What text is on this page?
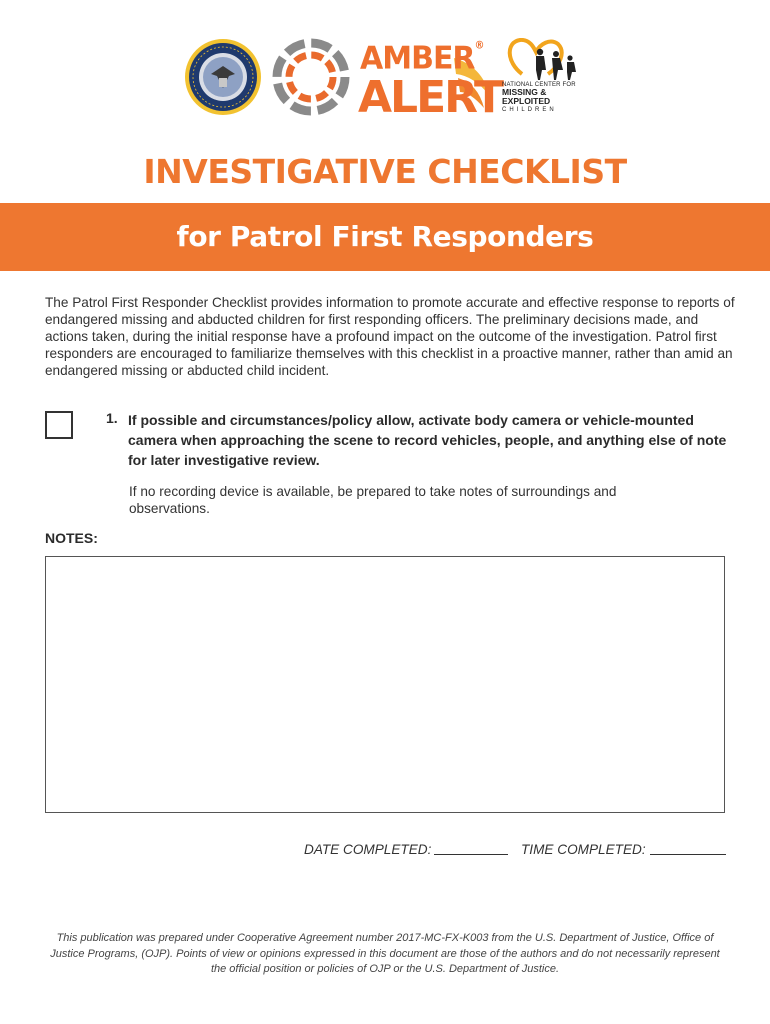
AMBER®
ALERT NATIONAL CENTER FOR
MISSING &
EXPLOITED
CHILDREN
INVESTIGATIVE CHECKLIST
for Patrol First Responders

The Patrol First Responder Checklist provides information to promote accurate and effective response to reports of endangered missing and abducted children for first responding officers. The preliminary decisions made, and actions taken, during the initial response have a profound impact on the outcome of the investigation. Patrol first responders are encouraged to familiarize themselves with this checklist in a proactive manner, rather than amid an endangered missing or abducted child incident.

1. If possible and circumstances/policy allow, activate body camera or vehicle-mounted camera when approaching the scene to record vehicles, people, and anything else of note for later investigative review.

If no recording device is available, be prepared to take notes of surroundings and observations.

NOTES:
DATE COMPLETED:	TIME COMPLETED:

This publication was prepared under Cooperative Agreement number 2017-MC-FX-K003 from the U.S. Department of Justice, Office of Justice Programs, (OJP). Points of view or opinions expressed in this document are those of the authors and do not necessarily represent the official position or policies of OJP or the U.S. Department of Justice.
